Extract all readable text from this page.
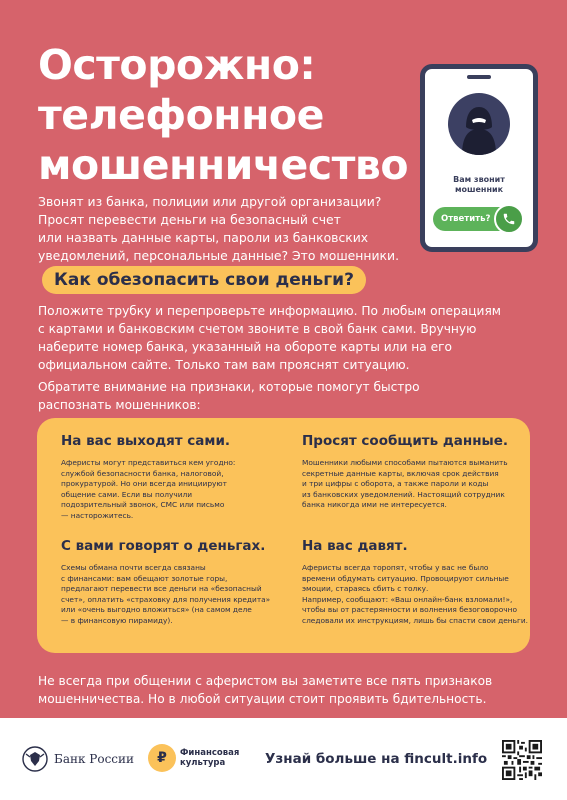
Осторожно:
телефонное
мошенничество
Звонят из банка, полиции или другой организации?
Просят перевести деньги на безопасный счет
или назвать данные карты, пароли из банковских
уведомлений, персональные данные? Это мошенники.
Вам звонит
мошенник
Ответить?
Как обезопасить свои деньги?
Положите трубку и перепроверьте информацию. По любым операциям
с картами и банковским счетом звоните в свой банк сами. Вручную
наберите номер банка, указанный на обороте карты или на его
официальном сайте. Только там вам прояснят ситуацию.
Обратите внимание на признаки, которые помогут быстро
распознать мошенников:
На вас выходят сами.
Аферисты могут представиться кем угодно:
службой безопасности банка, налоговой,
прокуратурой. Но они всегда инициируют
общение сами. Если вы получили
подозрительный звонок, СМС или письмо
— насторожитесь.
Просят сообщить данные.
Мошенники любыми способами пытаются выманить
секретные данные карты, включая срок действия
и три цифры с оборота, а также пароли и коды
из банковских уведомлений. Настоящий сотрудник
банка никогда ими не интересуется.
С вами говорят о деньгах.
Схемы обмана почти всегда связаны
с финансами: вам обещают золотые горы,
предлагают перевести все деньги на «безопасный
счет», оплатить «страховку для получения кредита»
или «очень выгодно вложиться» (на самом деле
— в финансовую пирамиду).
На вас давят.
Аферисты всегда торопят, чтобы у вас не было
времени обдумать ситуацию. Провоцируют сильные
эмоции, стараясь сбить с толку.
Например, сообщают: «Ваш онлайн-банк взломали!»,
чтобы вы от растерянности и волнения безоговорочно
следовали их инструкциям, лишь бы спасти свои деньги.
Не всегда при общении с аферистом вы заметите все пять признаков
мошенничества. Но в любой ситуации стоит проявить бдительность.
Банк России	₽	Финансовая
культура	Узнай больше на fincult.info
